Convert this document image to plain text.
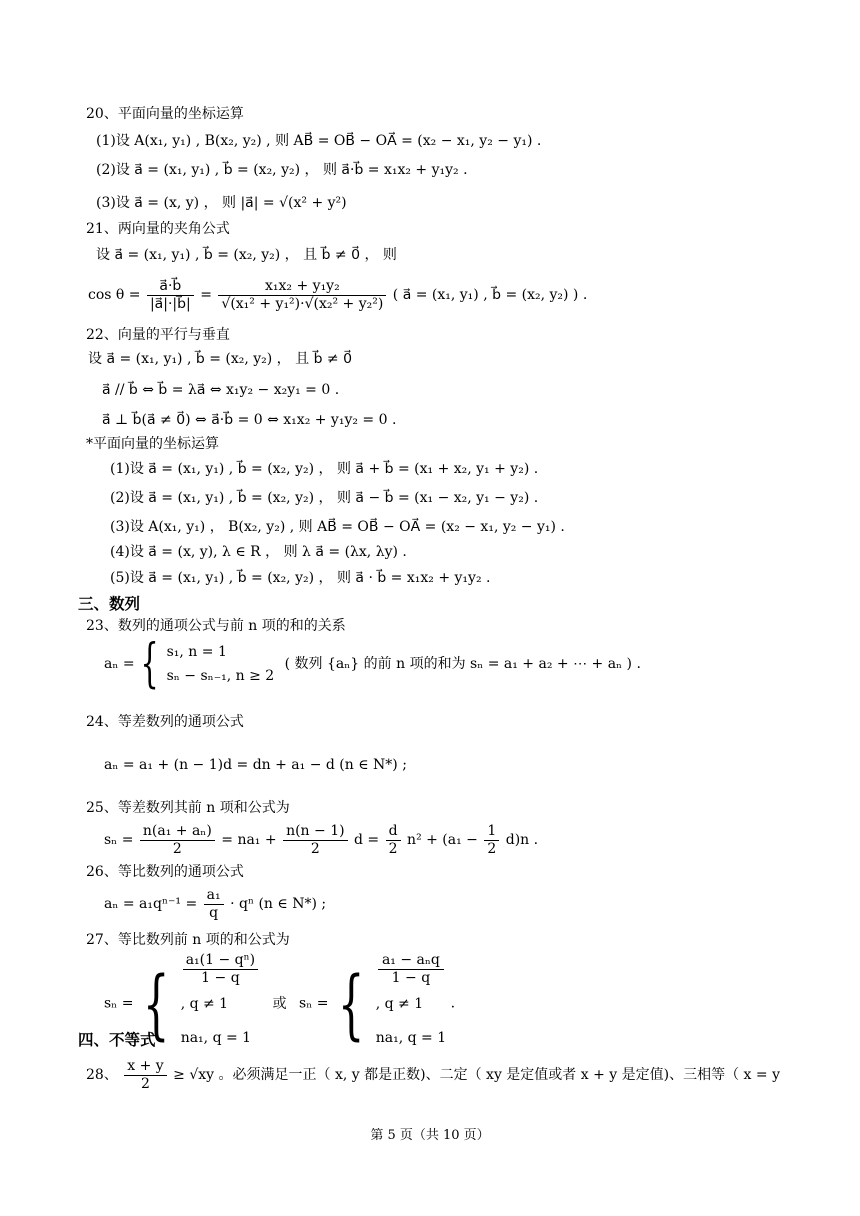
20、平面向量的坐标运算
(1)设 A(x₁, y₁) , B(x₂, y₂) , 则 AB⃗ = OB⃗ − OA⃗ = (x₂ − x₁, y₂ − y₁) .
(2)设 a⃗ = (x₁, y₁) , b⃗ = (x₂, y₂) ， 则 a⃗·b⃗ = x₁x₂ + y₁y₂ .
(3)设 a⃗ = (x, y) ， 则 |a⃗| = √(x² + y²)
21、两向量的夹角公式
设 a⃗ = (x₁, y₁) , b⃗ = (x₂, y₂) ， 且 b⃗ ≠ 0⃗ ， 则
$\cos \theta = \frac{a⃗\cdot b⃗}{|a⃗|\cdot|b⃗|} = \frac{\text{x₁x₂ + y₁y₂}}{\text{√(x₁² + y₁²)·√(x₂² + y₂²)}}$ ( a⃗ = (x₁, y₁) , b⃗ = (x₂, y₂) ) .
22、向量的平行与垂直
设 a⃗ = (x₁, y₁) , b⃗ = (x₂, y₂) ， 且 b⃗ ≠ 0⃗
a⃗ // b⃗ ⇔ b⃗ = λa⃗ ⇔ x₁y₂ − x₂y₁ = 0 .
a⃗ ⊥ b⃗(a⃗ ≠ 0⃗) ⇔ a⃗·b⃗ = 0 ⇔ x₁x₂ + y₁y₂ = 0 .
*平面向量的坐标运算
(1)设 a⃗ = (x₁, y₁) , b⃗ = (x₂, y₂) ， 则 a⃗ + b⃗ = (x₁ + x₂, y₁ + y₂) .
(2)设 a⃗ = (x₁, y₁) , b⃗ = (x₂, y₂) ， 则 a⃗ − b⃗ = (x₁ − x₂, y₁ − y₂) .
(3)设 A(x₁, y₁) ， B(x₂, y₂) , 则 AB⃗ = OB⃗ − OA⃗ = (x₂ − x₁, y₂ − y₁) .
(4)设 a⃗ = (x, y), λ ∈ R ， 则 λ a⃗ = (λx, λy) .
(5)设 a⃗ = (x₁, y₁) , b⃗ = (x₂, y₂) ， 则 a⃗ · b⃗ = x₁x₂ + y₁y₂ .
三、数列
23、数列的通项公式与前 n 项的和的关系
aₙ = { s₁, n = 1
sₙ − sₙ₋₁, n ≥ 2
( 数列 {aₙ} 的前 n 项的和为 sₙ = a₁ + a₂ + ⋯ + aₙ ) .
24、等差数列的通项公式
aₙ = a₁ + (n − 1)d = dn + a₁ − d (n ∈ N*) ;
25、等差数列其前 n 项和公式为
$s_n = \frac{\text{n(a₁ + aₙ)}}{2} = na_1 + \frac{n(n - 1)}{2}$ $d = \frac{d}{2} n^2 + (a_1 - \frac{1}{2} d)n$ .
26、等比数列的通项公式
$a_n = a_1q^{n-1} = \frac{\text{a₁}}{q} \cdot q^n$ (n ∈ N*) ;
27、等比数列前 n 项的和公式为
sₙ = { a₁(1 − qⁿ)
1 − q
, q ≠ 1
na₁, q = 1
或 sₙ = {	a₁ − aₙq
1 − q
, q ≠ 1
na₁, q = 1
.
四、不等式
28、 $\frac{x + y}{2} \ge √xy$ 。必须满足一正（ x, y 都是正数)、二定（ xy 是定值或者 x + y 是定值)、三相等（ x = y
第 5 页（共 10 页）
